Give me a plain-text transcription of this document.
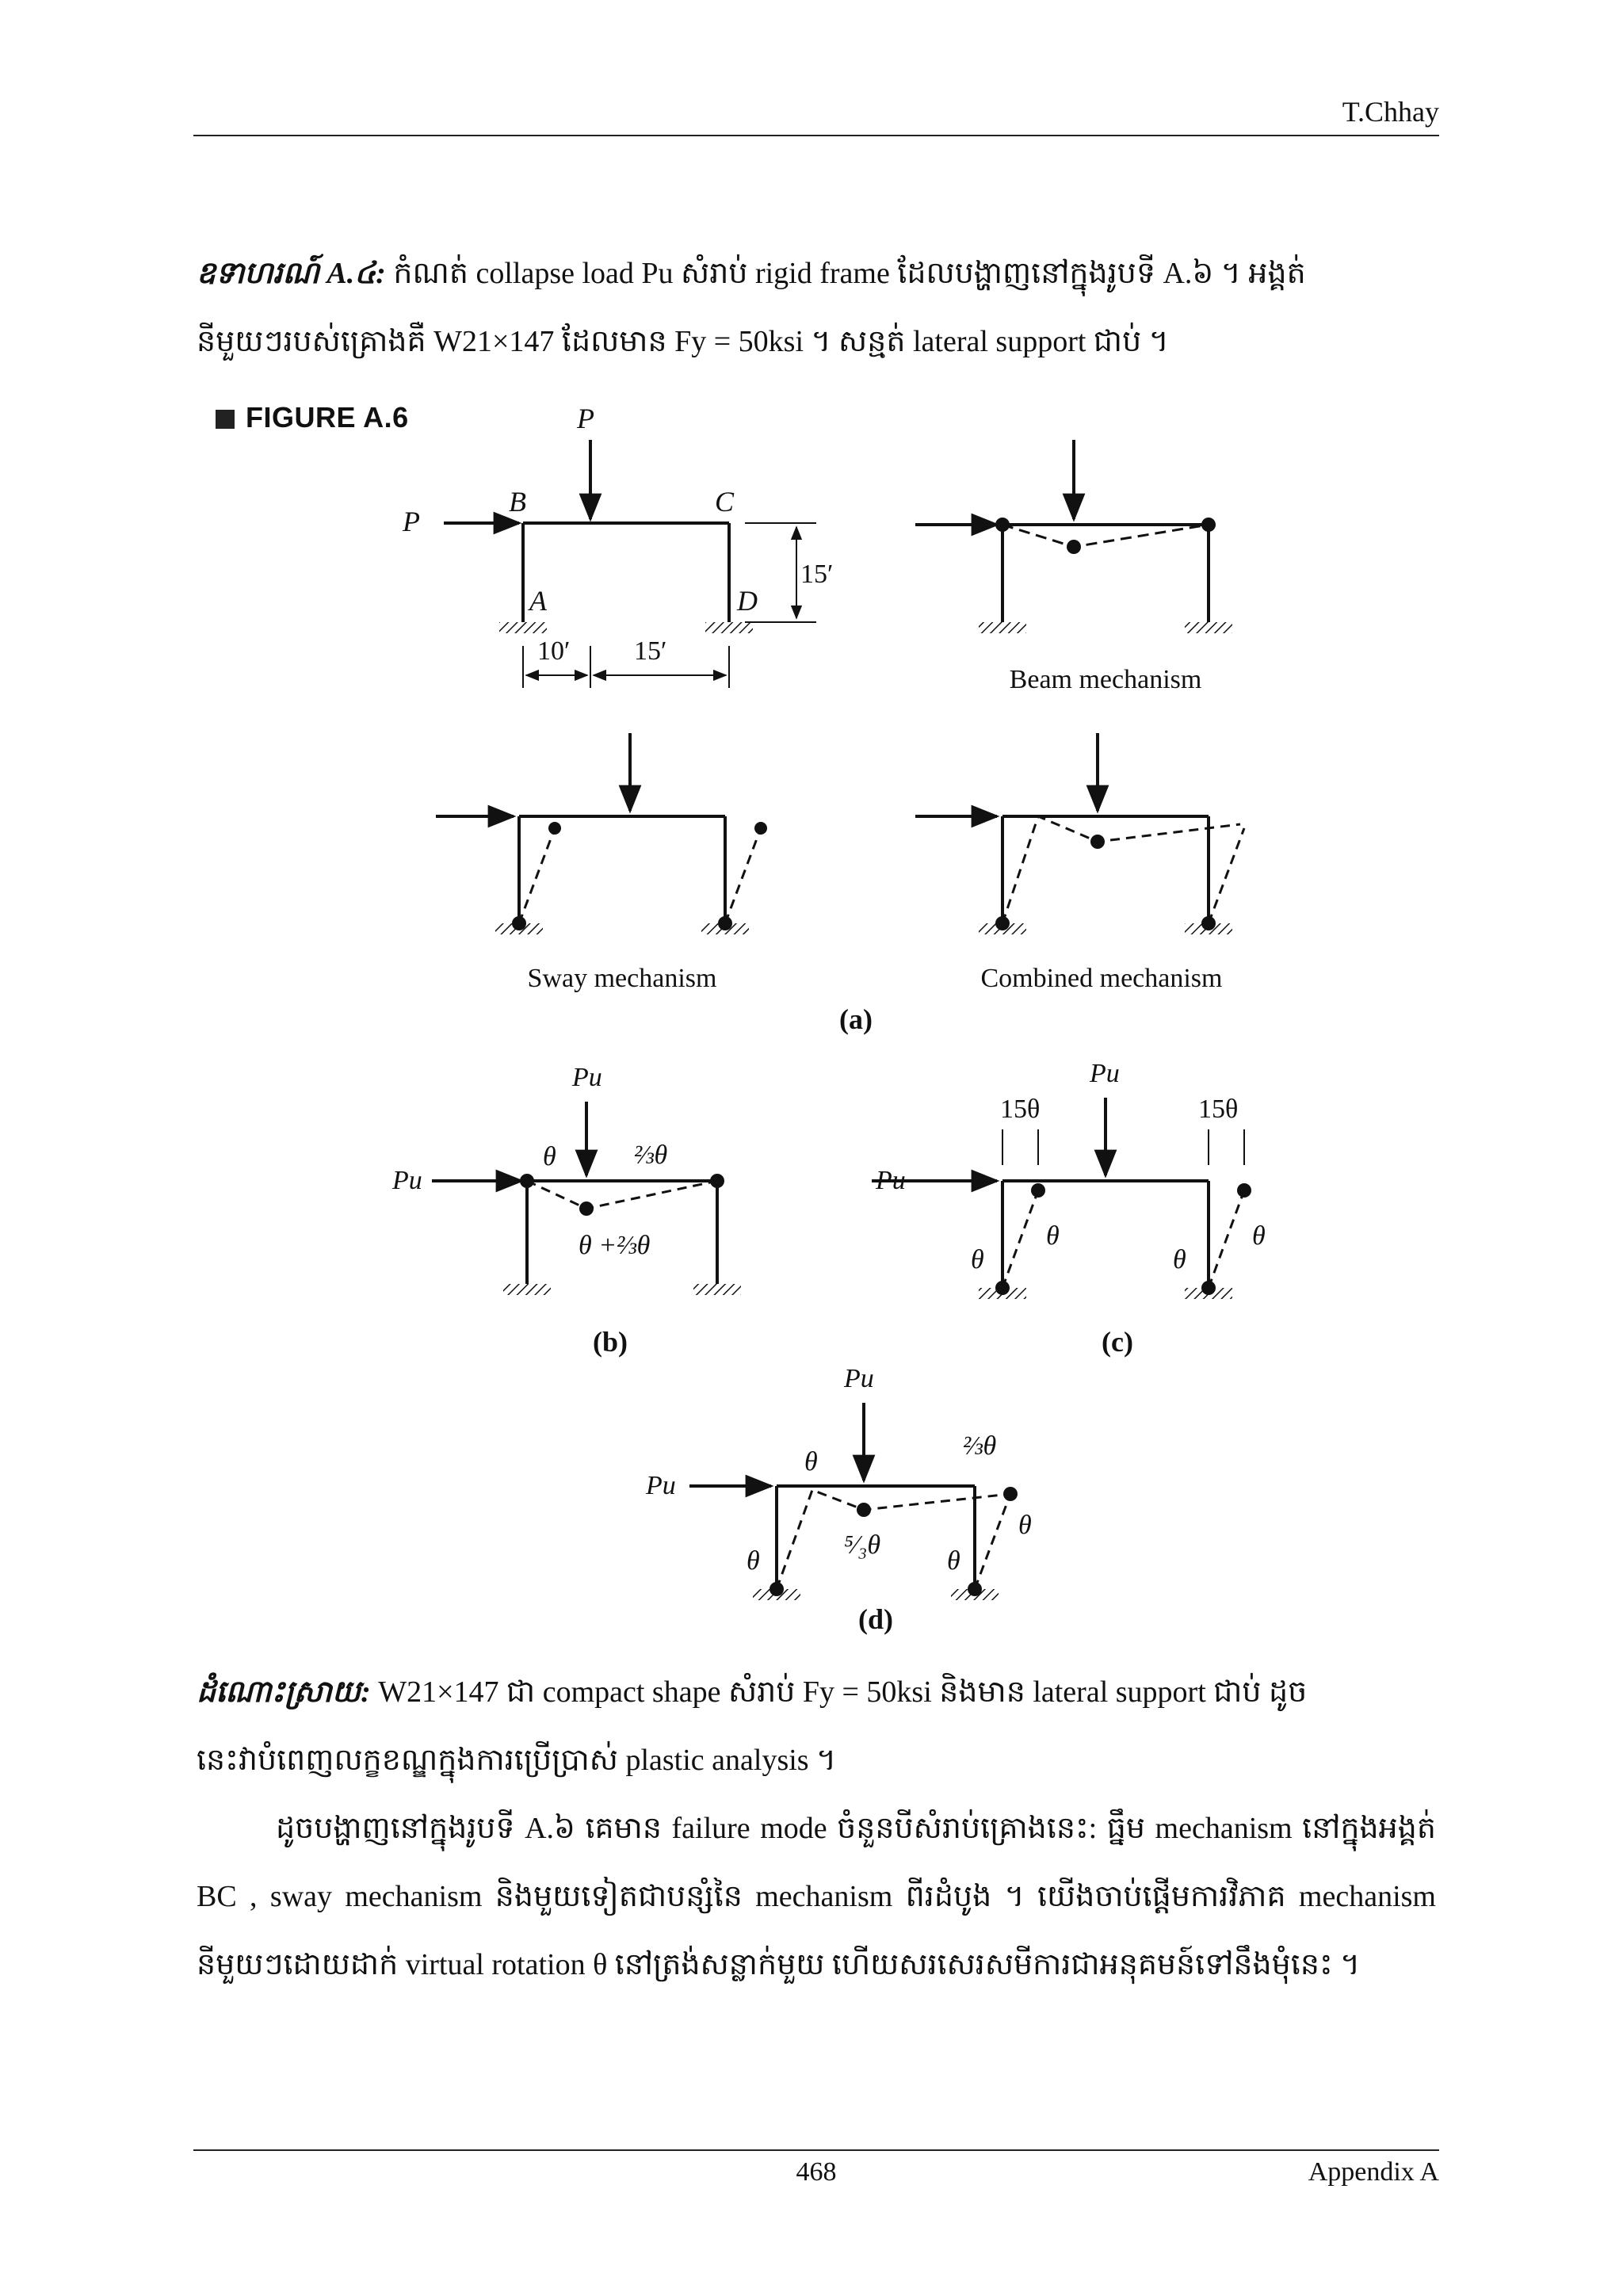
T.Chhay
ឧទាហរណ៍ A.៤: កំណត់ collapse load Pu សំរាប់ rigid frame ដែលបង្ហាញនៅក្នុងរូបទី A.៦ ។ អង្គត់
នីមួយៗរបស់គ្រោងគឺ W21×147 ដែលមាន Fy = 50ksi ។ សន្មត់ lateral support ជាប់ ។
FIGURE A.6	P
P
B	C
A	D
15′
10′ 15′
Beam mechanism
Sway mechanism	Combined mechanism
(a)
(b)	(c)
(d)
Pu
Pu
θ	⅔θ
θ +⅔θ
Pu
Pu
15θ	15θ
θ
θ
θ
θ
Pu
Pu
θ
⅔θ
⁵⁄₃θ
θ	θ
θ
ដំណោះស្រាយ: W21×147 ជា compact shape សំរាប់ Fy = 50ksi និងមាន lateral support ជាប់ ដូច
នេះវាបំពេញលក្ខខណ្ឌក្នុងការប្រើប្រាស់ plastic analysis ។
ដូចបង្ហាញនៅក្នុងរូបទី A.៦ គេមាន failure mode ចំនួនបីសំរាប់គ្រោងនេះ: ធ្នឹម mechanism នៅក្នុងអង្គត់ BC , sway mechanism និងមួយទៀតជាបន្សំនៃ mechanism ពីរដំបូង ។ យើងចាប់ផ្តើមការវិភាគ mechanism នីមួយៗដោយដាក់ virtual rotation θ នៅត្រង់សន្លាក់មួយ ហើយសរសេរសមីការជាអនុគមន៍ទៅនឹងមុំនេះ ។
468	Appendix A
